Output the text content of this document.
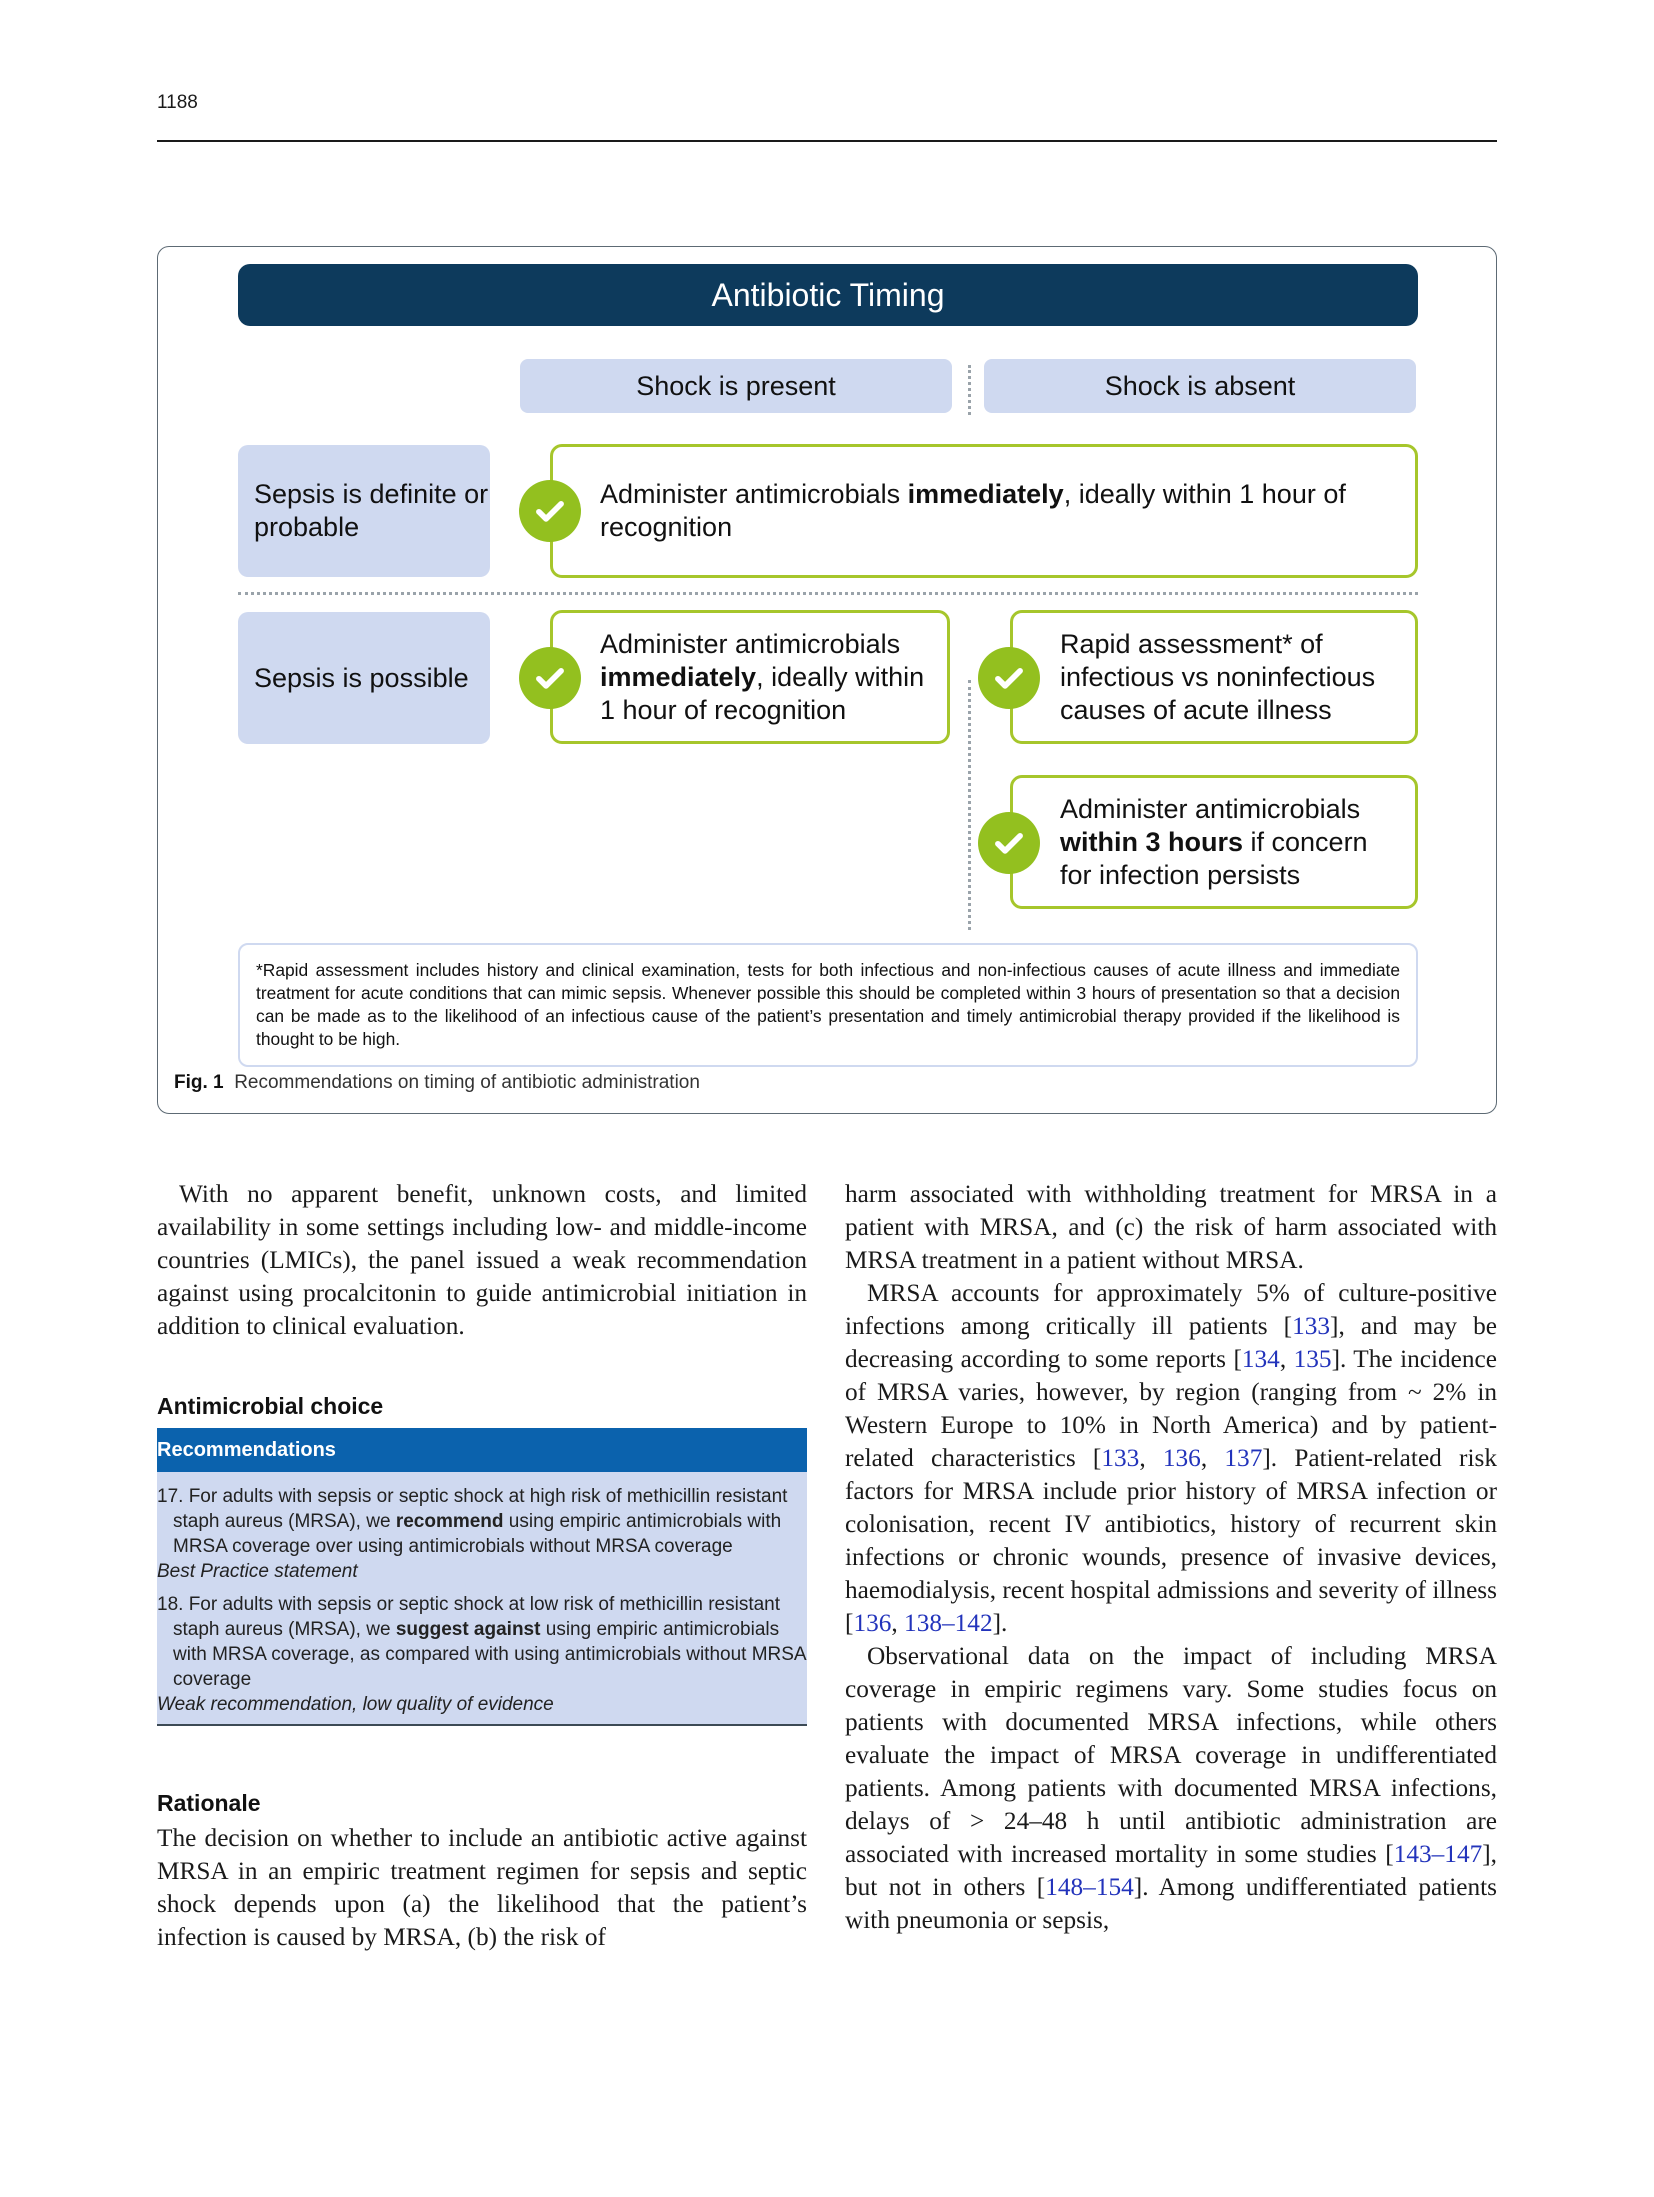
1188
Antibiotic Timing
Shock is present	Shock is absent
Sepsis is definite or probable
Sepsis is possible
Administer antimicrobials immediately, ideally within 1 hour of recognition
Administer antimicrobials immediately, ideally within 1 hour of recognition
Rapid assessment* of infectious vs noninfectious causes of acute illness
Administer antimicrobials within 3 hours if concern for infection persists
*Rapid assessment includes history and clinical examination, tests for both infectious and non-infectious causes of acute illness and immediate treatment for acute conditions that can mimic sepsis. Whenever possible this should be completed within 3 hours of presentation so that a decision can be made as to the likelihood of an infectious cause of the patient’s presentation and timely antimicrobial therapy provided if the likelihood is thought to be high.
Fig. 1 Recommendations on timing of antibiotic administration

With no apparent benefit, unknown costs, and limited availability in some settings including low- and middle-income countries (LMICs), the panel issued a weak recommendation against using procalcitonin to guide antimicrobial initiation in addition to clinical evaluation.

Antimicrobial choice
Recommendations
17. For adults with sepsis or septic shock at high risk of methicillin resistant staph aureus (MRSA), we recommend using empiric antimicrobials with MRSA coverage over using antimicrobials without MRSA coverage
Best Practice statement
18. For adults with sepsis or septic shock at low risk of methicillin resistant staph aureus (MRSA), we suggest against using empiric antimicrobials with MRSA coverage, as compared with using antimicrobials without MRSA coverage
Weak recommendation, low quality of evidence
Rationale

The decision on whether to include an antibiotic active against MRSA in an empiric treatment regimen for sepsis and septic shock depends upon (a) the likelihood that the patient’s infection is caused by MRSA, (b) the risk of

harm associated with withholding treatment for MRSA in a patient with MRSA, and (c) the risk of harm associated with MRSA treatment in a patient without MRSA.

MRSA accounts for approximately 5% of culture-positive infections among critically ill patients [133], and may be decreasing according to some reports [134, 135]. The incidence of MRSA varies, however, by region (ranging from ~ 2% in Western Europe to 10% in North America) and by patient-related characteristics [133, 136, 137]. Patient-related risk factors for MRSA include prior history of MRSA infection or colonisation, recent IV antibiotics, history of recurrent skin infections or chronic wounds, presence of invasive devices, haemodialysis, recent hospital admissions and severity of illness [136, 138–142].

Observational data on the impact of including MRSA coverage in empiric regimens vary. Some studies focus on patients with documented MRSA infections, while others evaluate the impact of MRSA coverage in undifferentiated patients. Among patients with documented MRSA infections, delays of > 24–48 h until antibiotic administration are associated with increased mortality in some studies [143–147], but not in others [148–154]. Among undifferentiated patients with pneumonia or sepsis,
